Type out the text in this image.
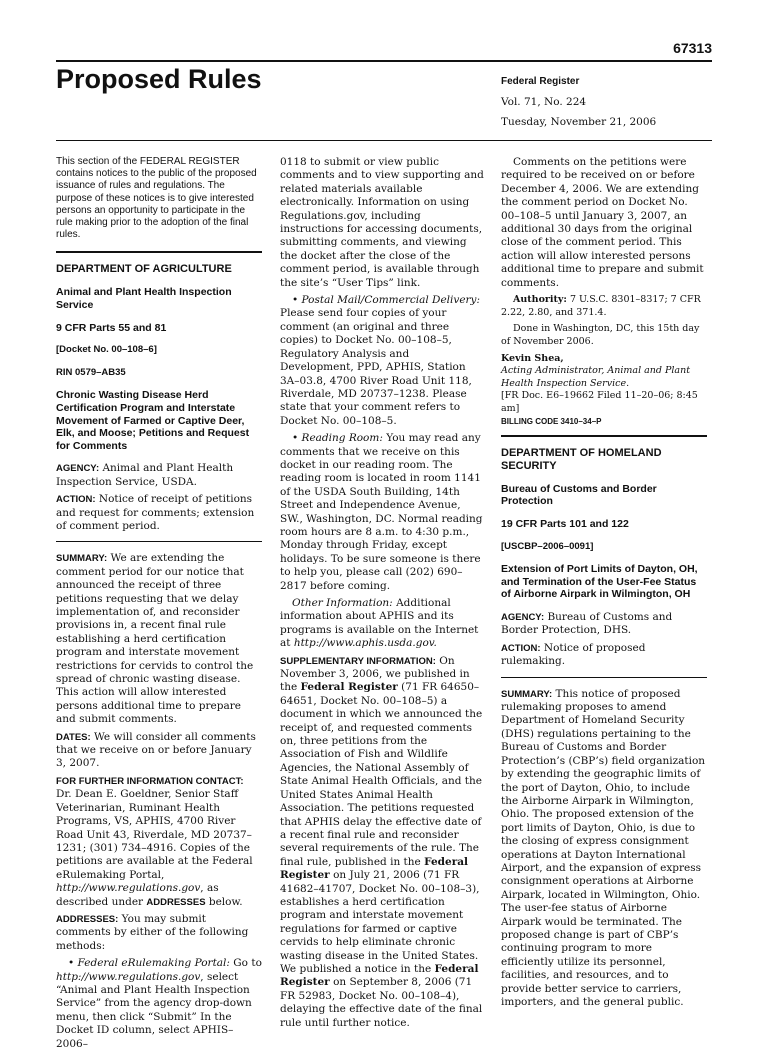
67313
Proposed Rules	Federal Register
Vol. 71, No. 224
Tuesday, November 21, 2006

This section of the FEDERAL REGISTER contains notices to the public of the proposed issuance of rules and regulations. The purpose of these notices is to give interested persons an opportunity to participate in the rule making prior to the adoption of the final rules.

DEPARTMENT OF AGRICULTURE

Animal and Plant Health Inspection Service

9 CFR Parts 55 and 81

[Docket No. 00–108–6]

RIN 0579–AB35

Chronic Wasting Disease Herd Certification Program and Interstate Movement of Farmed or Captive Deer, Elk, and Moose; Petitions and Request for Comments

AGENCY: Animal and Plant Health Inspection Service, USDA.

ACTION: Notice of receipt of petitions and request for comments; extension of comment period.

SUMMARY: We are extending the comment period for our notice that announced the receipt of three petitions requesting that we delay implementation of, and reconsider provisions in, a recent final rule establishing a herd certification program and interstate movement restrictions for cervids to control the spread of chronic wasting disease. This action will allow interested persons additional time to prepare and submit comments.

DATES: We will consider all comments that we receive on or before January 3, 2007.

FOR FURTHER INFORMATION CONTACT: Dr. Dean E. Goeldner, Senior Staff Veterinarian, Ruminant Health Programs, VS, APHIS, 4700 River Road Unit 43, Riverdale, MD 20737–1231; (301) 734–4916. Copies of the petitions are available at the Federal eRulemaking Portal, http://www.regulations.gov, as described under ADDRESSES below.

ADDRESSES: You may submit comments by either of the following methods:

• Federal eRulemaking Portal: Go to http://www.regulations.gov, select “Animal and Plant Health Inspection Service” from the agency drop-down menu, then click “Submit” In the Docket ID column, select APHIS–2006–

0118 to submit or view public comments and to view supporting and related materials available electronically. Information on using Regulations.gov, including instructions for accessing documents, submitting comments, and viewing the docket after the close of the comment period, is available through the site’s “User Tips” link.

• Postal Mail/Commercial Delivery: Please send four copies of your comment (an original and three copies) to Docket No. 00–108–5, Regulatory Analysis and Development, PPD, APHIS, Station 3A–03.8, 4700 River Road Unit 118, Riverdale, MD 20737–1238. Please state that your comment refers to Docket No. 00–108–5.

• Reading Room: You may read any comments that we receive on this docket in our reading room. The reading room is located in room 1141 of the USDA South Building, 14th Street and Independence Avenue, SW., Washington, DC. Normal reading room hours are 8 a.m. to 4:30 p.m., Monday through Friday, except holidays. To be sure someone is there to help you, please call (202) 690–2817 before coming.

Other Information: Additional information about APHIS and its programs is available on the Internet at http://www.aphis.usda.gov.

SUPPLEMENTARY INFORMATION: On November 3, 2006, we published in the Federal Register (71 FR 64650–64651, Docket No. 00–108–5) a document in which we announced the receipt of, and requested comments on, three petitions from the Association of Fish and Wildlife Agencies, the National Assembly of State Animal Health Officials, and the United States Animal Health Association. The petitions requested that APHIS delay the effective date of a recent final rule and reconsider several requirements of the rule. The final rule, published in the Federal Register on July 21, 2006 (71 FR 41682–41707, Docket No. 00–108–3), establishes a herd certification program and interstate movement regulations for farmed or captive cervids to help eliminate chronic wasting disease in the United States. We published a notice in the Federal Register on September 8, 2006 (71 FR 52983, Docket No. 00–108–4), delaying the effective date of the final rule until further notice.

Comments on the petitions were required to be received on or before December 4, 2006. We are extending the comment period on Docket No. 00–108–5 until January 3, 2007, an additional 30 days from the original close of the comment period. This action will allow interested persons additional time to prepare and submit comments.

Authority: 7 U.S.C. 8301–8317; 7 CFR 2.22, 2.80, and 371.4.

Done in Washington, DC, this 15th day of November 2006.

Kevin Shea,

Acting Administrator, Animal and Plant Health Inspection Service.

[FR Doc. E6–19662 Filed 11–20–06; 8:45 am]

BILLING CODE 3410–34–P

DEPARTMENT OF HOMELAND SECURITY

Bureau of Customs and Border Protection

19 CFR Parts 101 and 122

[USCBP–2006–0091]

Extension of Port Limits of Dayton, OH, and Termination of the User-Fee Status of Airborne Airpark in Wilmington, OH

AGENCY: Bureau of Customs and Border Protection, DHS.

ACTION: Notice of proposed rulemaking.

SUMMARY: This notice of proposed rulemaking proposes to amend Department of Homeland Security (DHS) regulations pertaining to the Bureau of Customs and Border Protection’s (CBP’s) field organization by extending the geographic limits of the port of Dayton, Ohio, to include the Airborne Airpark in Wilmington, Ohio. The proposed extension of the port limits of Dayton, Ohio, is due to the closing of express consignment operations at Dayton International Airport, and the expansion of express consignment operations at Airborne Airpark, located in Wilmington, Ohio. The user-fee status of Airborne Airpark would be terminated. The proposed change is part of CBP’s continuing program to more efficiently utilize its personnel, facilities, and resources, and to provide better service to carriers, importers, and the general public.
